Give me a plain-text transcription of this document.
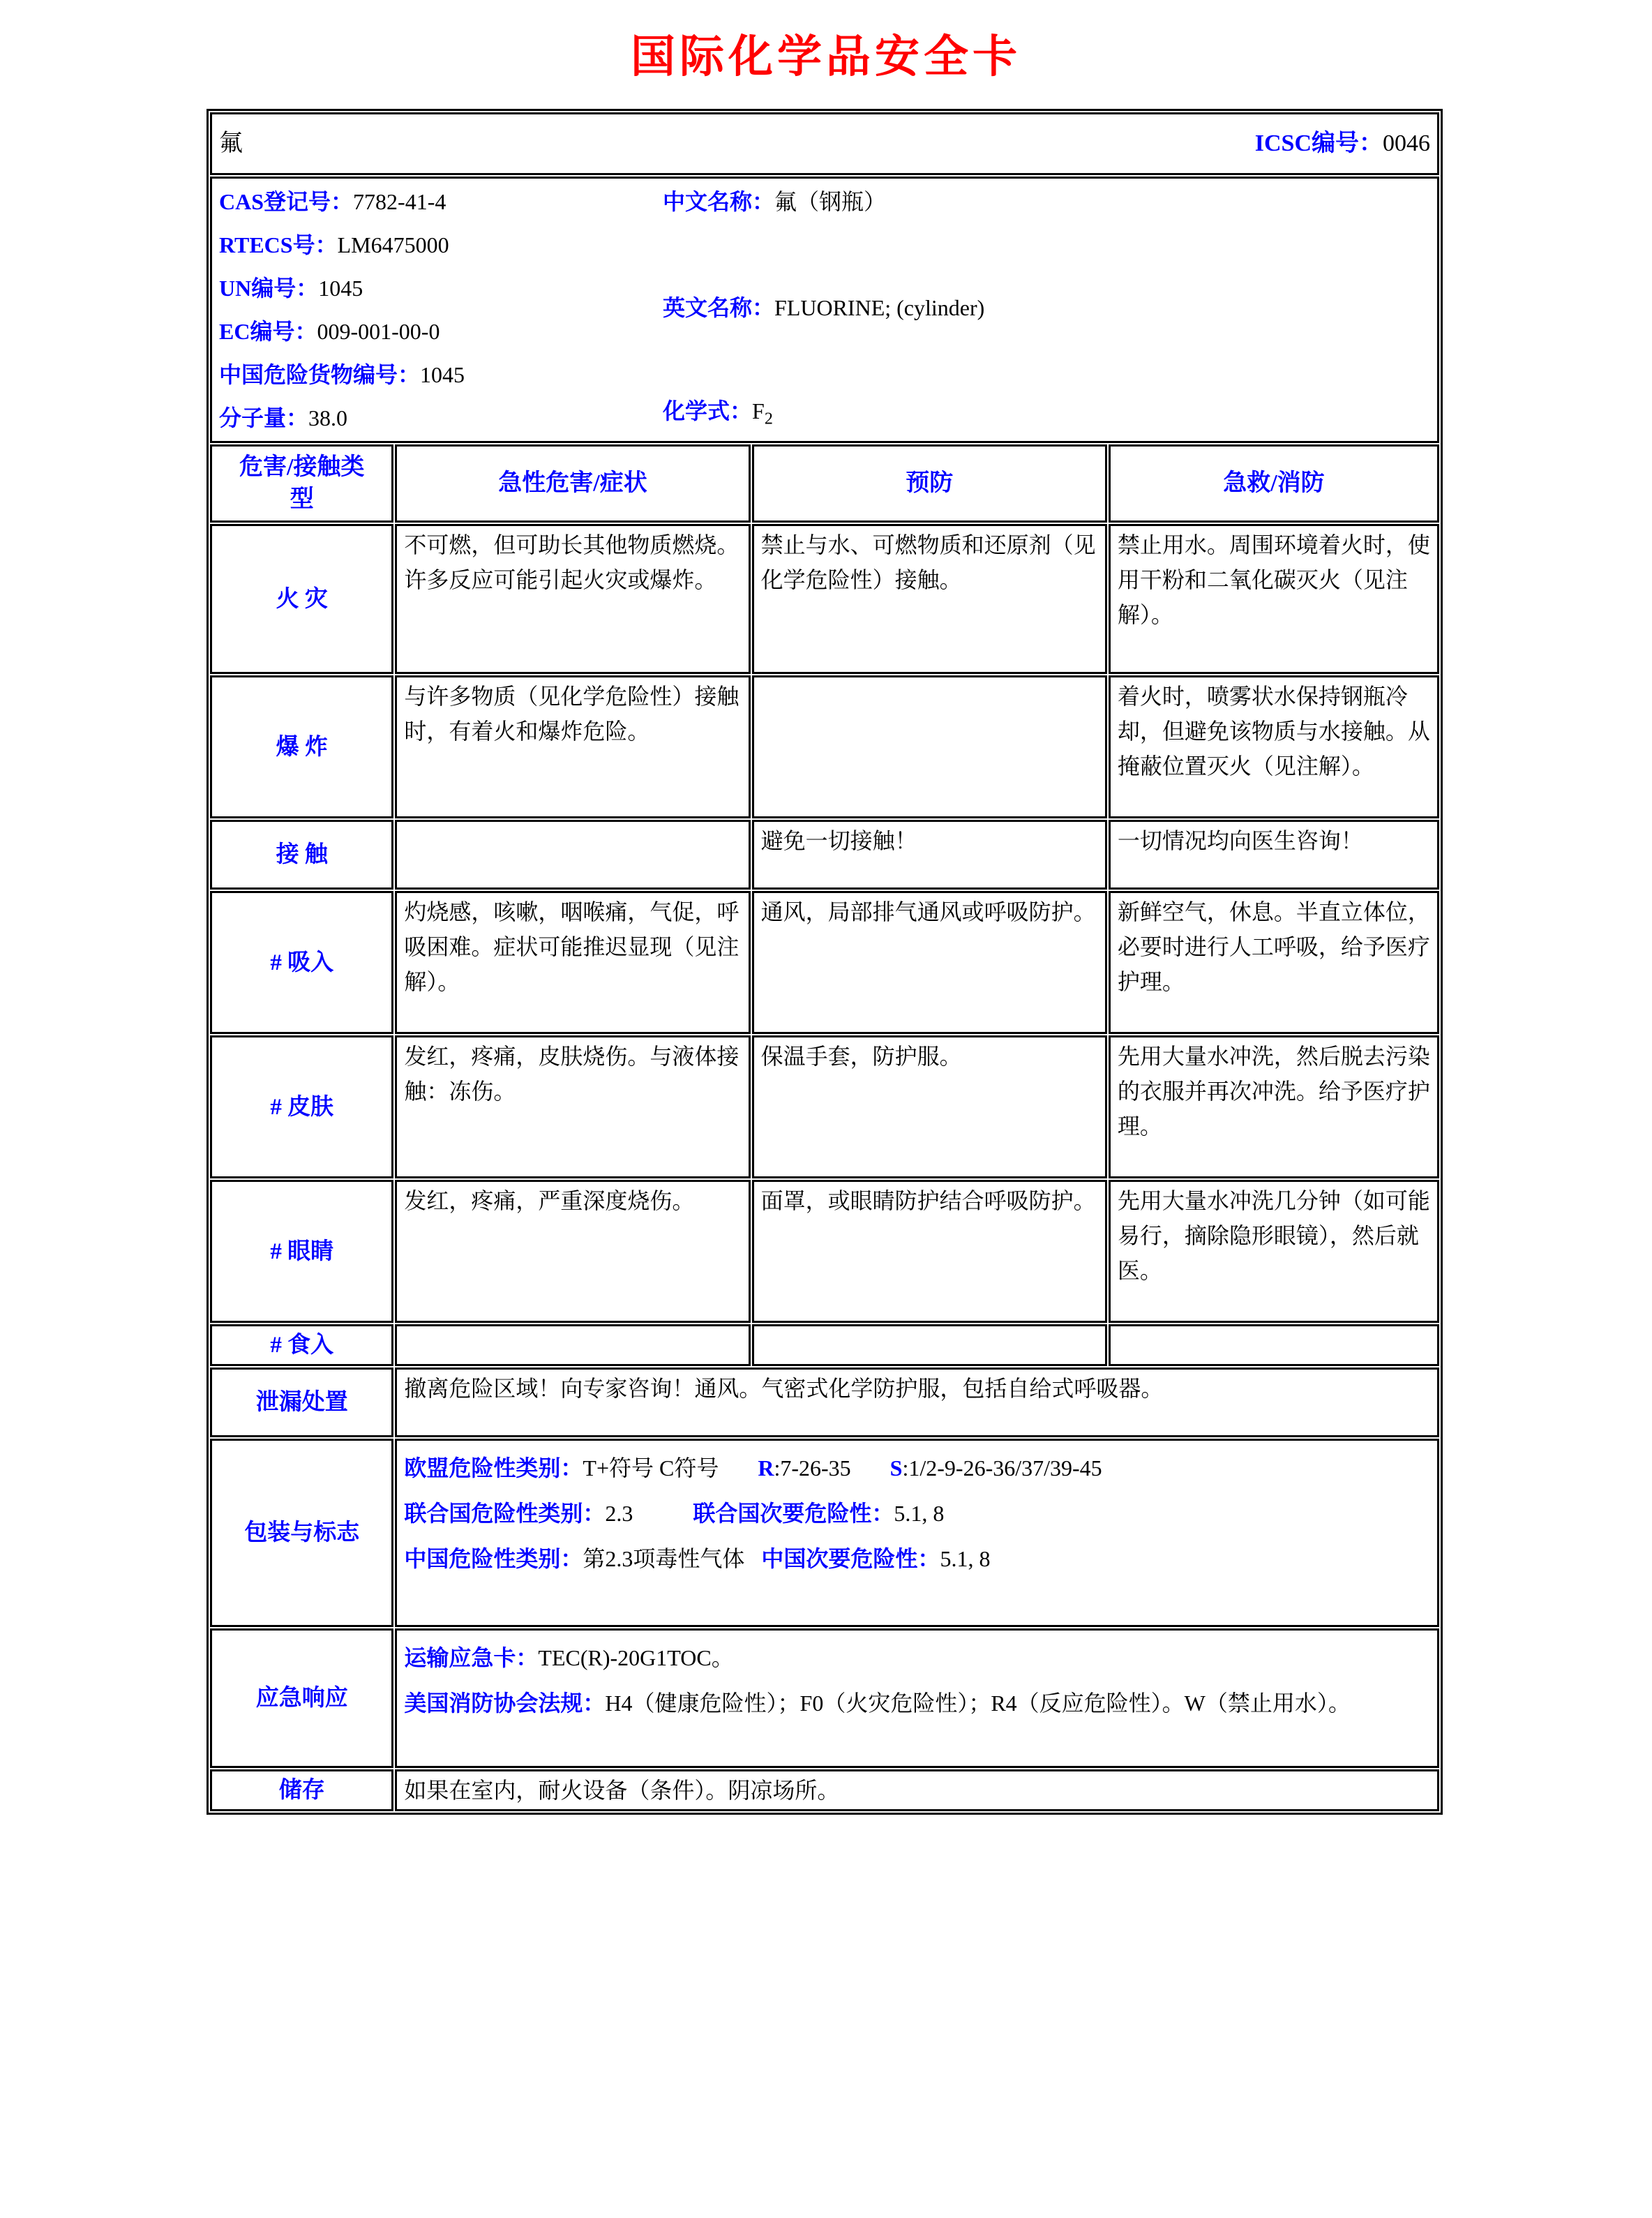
国际化学品安全卡
氟 ICSC编号：0046			

CAS登记号：7782-41-4
RTECS号：LM6475000
UN编号：1045
EC编号：009-001-00-0
中国危险货物编号：1045
分子量：38.0
中文名称：氟（钢瓶）
英文名称：FLUORINE; (cylinder)
化学式：$F_2$

危害/接触类型	急性危害/症状	预防	急救/消防
火 灾	不可燃，但可助长其他物质燃烧。许多反应可能引起火灾或爆炸。	禁止与水、可燃物质和还原剂（见化学危险性）接触。	禁止用水。周围环境着火时，使用干粉和二氧化碳灭火（见注解）。
爆 炸	与许多物质（见化学危险性）接触时，有着火和爆炸危险。		着火时，喷雾状水保持钢瓶冷却，但避免该物质与水接触。从掩蔽位置灭火（见注解）。
接 触		避免一切接触！	一切情况均向医生咨询！
# 吸入	灼烧感，咳嗽，咽喉痛，气促，呼吸困难。症状可能推迟显现（见注解）。	通风，局部排气通风或呼吸防护。	新鲜空气，休息。半直立体位，必要时进行人工呼吸，给予医疗护理。
# 皮肤	发红，疼痛，皮肤烧伤。与液体接触：冻伤。	保温手套，防护服。	先用大量水冲洗，然后脱去污染的衣服并再次冲洗。给予医疗护理。
# 眼睛	发红，疼痛，严重深度烧伤。	面罩，或眼睛防护结合呼吸防护。	先用大量水冲洗几分钟（如可能易行，摘除隐形眼镜），然后就医。
# 食入			
泄漏处置	撤离危险区域！向专家咨询！通风。气密式化学防护服，包括自给式呼吸器。		
包装与标志	欧盟危险性类别：T+符号 C符号 R:7-26-35 S:1/2-9-26-36/37/39-45

联合国危险性类别：2.3 联合国次要危险性：5.1, 8

中国危险性类别：第2.3项毒性气体 中国次要危险性：5.1, 8		

应急响应	运输应急卡：TEC(R)-20G1TOC。

美国消防协会法规：H4（健康危险性）；F0（火灾危险性）；R4（反应危险性）。W（禁止用水）。		

储存	如果在室内，耐火设备（条件）。阴凉场所。		
